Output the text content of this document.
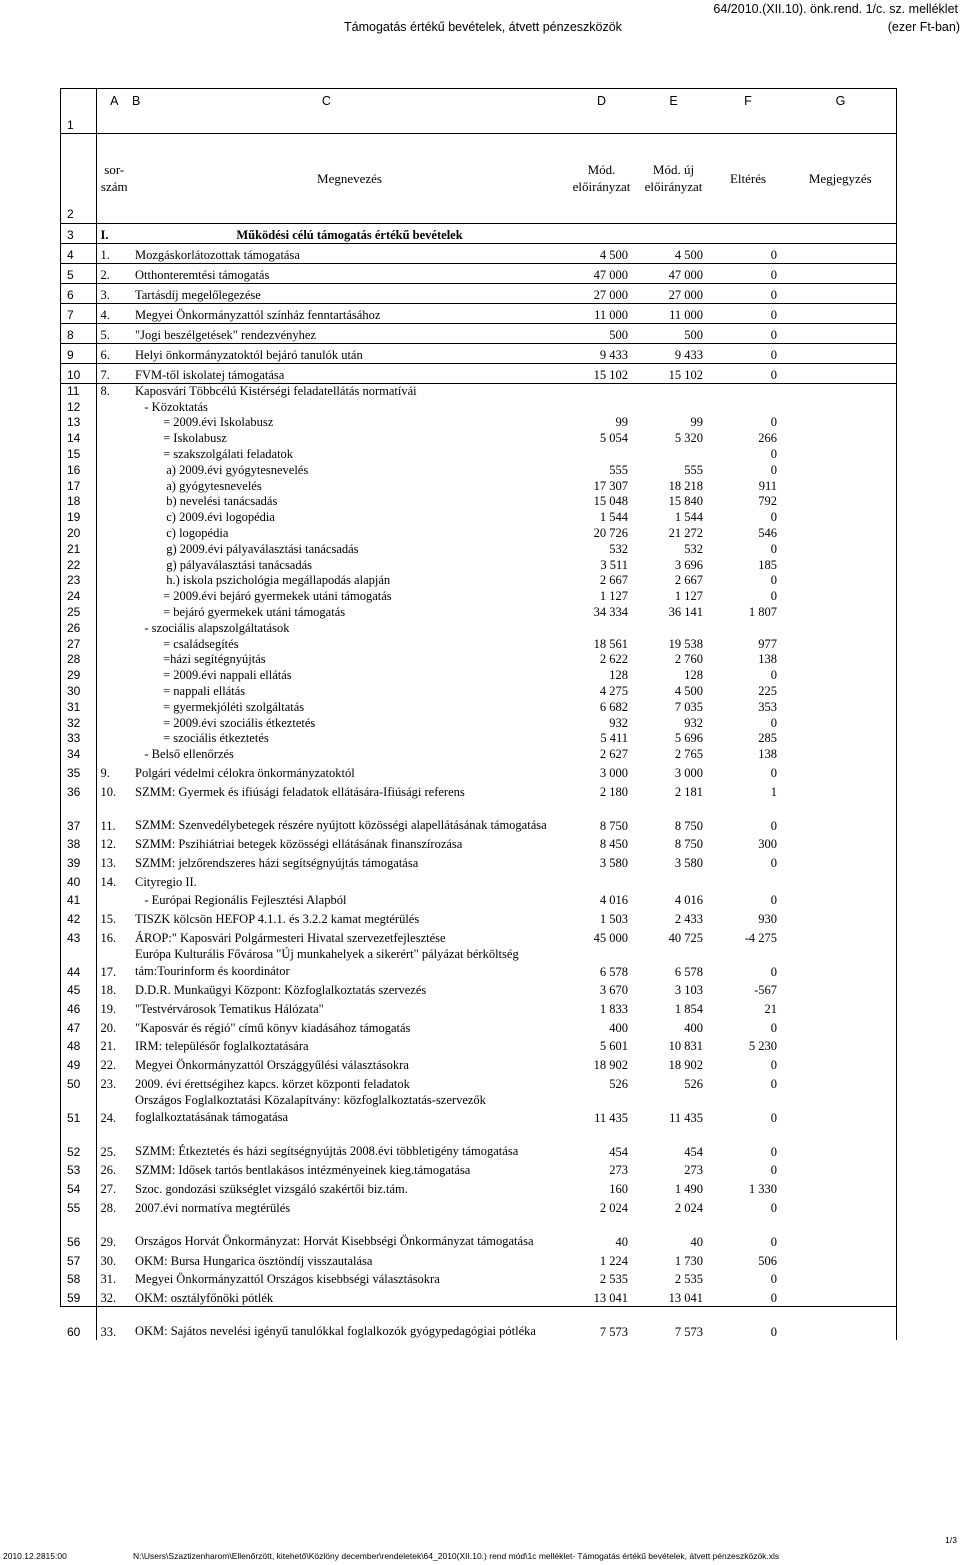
64/2010.(XII.10). önk.rend. 1/c. sz. melléklet
Támogatás értékű bevételek, átvett pénzeszközök	(ezer Ft-ban)
	A	B C	D	E	F	G
1						
2	sor-szám	Megnevezés	Mód. előirányzat	Mód. új előirányzat	Eltérés	Megjegyzés
3	I.	Működési célú támogatás értékű bevételek				
4	1.	Mozgáskorlátozottak támogatása	4 500	4 500	0	
5	2.	Otthonteremtési támogatás	47 000	47 000	0	
6	3.	Tartásdíj megelőlegezése	27 000	27 000	0	
7	4.	Megyei Önkormányzattól színház fenntartásához	11 000	11 000	0	
8	5.	"Jogi beszélgetések" rendezvényhez	500	500	0	
9	6.	Helyi önkormányzatoktól bejáró tanulók után	9 433	9 433	0	
10	7.	FVM-től iskolatej támogatása	15 102	15 102	0	
11	8.	Kaposvári Többcélú Kistérségi feladatellátás normatívái				
12		- Közoktatás				
13		= 2009.évi Iskolabusz	99	99	0	
14		= Iskolabusz	5 054	5 320	266	
15		= szakszolgálati feladatok			0	
16		a) 2009.évi gyógytesnevelés	555	555	0	
17		a) gyógytesnevelés	17 307	18 218	911	
18		b) nevelési tanácsadás	15 048	15 840	792	
19		c) 2009.évi logopédia	1 544	1 544	0	
20		c) logopédia	20 726	21 272	546	
21		g) 2009.évi pályaválasztási tanácsadás	532	532	0	
22		g) pályaválasztási tanácsadás	3 511	3 696	185	
23		h.) iskola pszichológia megállapodás alapján	2 667	2 667	0	
24		= 2009.évi bejáró gyermekek utáni támogatás	1 127	1 127	0	
25		= bejáró gyermekek utáni támogatás	34 334	36 141	1 807	
26		- szociális alapszolgáltatások				
27		= családsegítés	18 561	19 538	977	
28		=házi segítégnyújtás	2 622	2 760	138	
29		= 2009.évi nappali ellátás	128	128	0	
30		= nappali ellátás	4 275	4 500	225	
31		= gyermekjóléti szolgáltatás	6 682	7 035	353	
32		= 2009.évi szociális étkeztetés	932	932	0	
33		= szociális étkeztetés	5 411	5 696	285	
34		- Belső ellenőrzés	2 627	2 765	138	
35	9.	Polgári védelmi célokra önkormányzatoktól	3 000	3 000	0	
36	10.	SZMM: Gyermek és ifiúsági feladatok ellátására-Ifiúsági referens	2 180	2 181	1	
37	11.	SZMM: Szenvedélybetegek részére nyújtott közösségi alapellátásának támogatása	8 750	8 750	0	
38	12.	SZMM: Pszihiátriai betegek közösségi ellátásának finanszírozása	8 450	8 750	300	
39	13.	SZMM: jelzőrendszeres házi segítségnyújtás támogatása	3 580	3 580	0	
40	14.	Cityregio II.				
41		- Európai Regionális Fejlesztési Alapból	4 016	4 016	0	
42	15.	TISZK kölcsön HEFOP 4.1.1. és 3.2.2 kamat megtérülés	1 503	2 433	930	
43	16.	ÁROP:" Kaposvári Polgármesteri Hivatal szervezetfejlesztése	45 000	40 725	-4 275	
44	17.	Európa Kulturális Fővárosa "Új munkahelyek a sikerért" pályázat bérköltség tám:Tourinform és koordinátor	6 578	6 578	0	
45	18.	D.D.R. Munkaügyi Központ: Közfoglalkoztatás szervezés	3 670	3 103	-567	
46	19.	"Testvérvárosok Tematikus Hálózata"	1 833	1 854	21	
47	20.	"Kaposvár és régió" című könyv kiadásához támogatás	400	400	0	
48	21.	IRM: településőr foglalkoztatására	5 601	10 831	5 230	
49	22.	Megyei Önkormányzattól Országgyűlési választásokra	18 902	18 902	0	
50	23.	2009. évi érettségihez kapcs. körzet központi feladatok	526	526	0	
51	24.	Országos Foglalkoztatási Közalapítvány: közfoglalkoztatás-szervezők foglalkoztatásának támogatása	11 435	11 435	0	
52	25.	SZMM: Étkeztetés és házi segítségnyújtás 2008.évi többletigény támogatása	454	454	0	
53	26.	SZMM: Idősek tartós bentlakásos intézményeinek kieg.támogatása	273	273	0	
54	27.	Szoc. gondozási szükséglet vizsgáló szakértői biz.tám.	160	1 490	1 330	
55	28.	2007.évi normatíva megtérülés	2 024	2 024	0	
56	29.	Országos Horvát Önkormányzat: Horvát Kisebbségi Önkormányzat támogatása	40	40	0	
57	30.	OKM: Bursa Hungarica ösztöndíj visszautalása	1 224	1 730	506	
58	31.	Megyei Önkormányzattól Országos kisebbségi választásokra	2 535	2 535	0	
59	32.	OKM: osztályfőnöki pótlék	13 041	13 041	0	
60	33.	OKM: Sajátos nevelési igényű tanulókkal foglalkozók gyógypedagógiai pótléka	7 573	7 573	0	
1/3
2010.12.2815:00	N:\Users\Szaztizenharom\Ellenőrzött, kitehető\Közlöny december\rendeletek\64_2010(XII.10.) rend mód\1c melléklet- Támogatás értékű bevételek, átvett pénzeszközök.xls
